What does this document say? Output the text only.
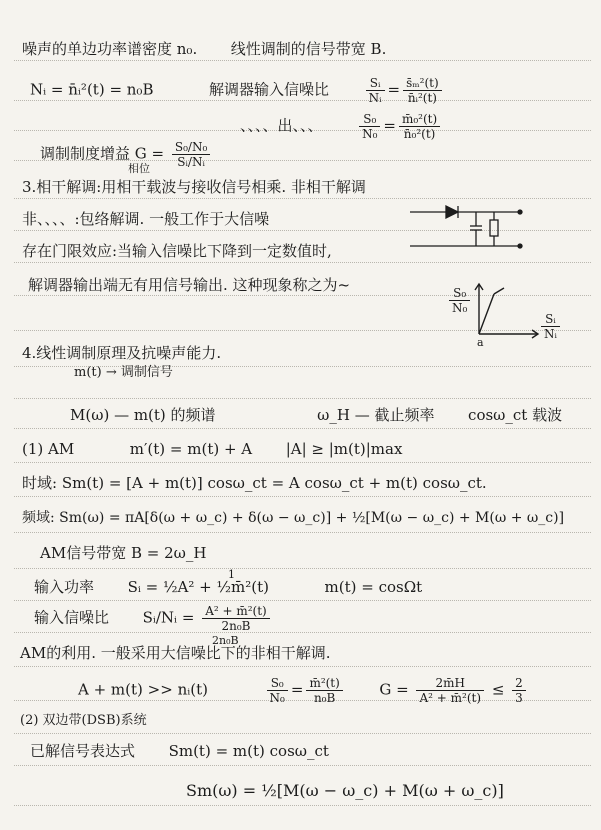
噪声的单边功率谱密度 n₀. 线性调制的信号带宽 B.
Nᵢ = n̄ᵢ²(t) = n₀B	解调器输入信噪比	$\frac{\text{Sᵢ}}{\text{Nᵢ}} = \frac{\text{s̄ₘ²(t)}}{\text{n̄ᵢ²(t)}}$
、、、、出、、、	$\frac{\text{S₀}}{\text{N₀}} = \frac{\text{m̄₀²(t)}}{\text{n̄₀²(t)}}$
调制制度增益 $G = \frac{\text{S₀/N₀}}{\text{Sᵢ/Nᵢ}}$
相位
3.相干解调:用相干载波与接收信号相乘. 非相干解调
非、、、、:包络解调. 一般工作于大信噪
存在门限效应:当输入信噪比下降到一定数值时,
解调器输出端无有用信号输出. 这种现象称之为~
$\frac{\text{S₀}}{\text{N₀}}$
a
$\frac{\text{Sᵢ}}{\text{Nᵢ}}$
4.线性调制原理及抗噪声能力.
m(t) → 调制信号
M(ω) — m(t) 的频谱	ω_H — 截止频率 cosω_ct 载波
(1) AM	m′(t) = m(t) + A |A| ≥ |m(t)|max
时域: Sm(t) = [A + m(t)] cosω_ct = A cosω_ct + m(t) cosω_ct.
频域: Sm(ω) = πA[δ(ω + ω_c) + δ(ω − ω_c)] + ½[M(ω − ω_c) + M(ω + ω_c)]
AM信号带宽 B = 2ω_H
1
输入功率 Sᵢ = ½A² + ½m̄²(t)	m(t) = cosΩt
输入信噪比 Sᵢ/Nᵢ = $\frac{\text{A² + m̄²(t)}}{\text{2n₀B}}$
2n₀B
AM的利用. 一般采用大信噪比下的非相干解调.
A + m(t) >> nᵢ(t)	$\frac{\text{S₀}}{\text{N₀}} = \frac{\text{m̄²(t)}}{\text{n₀B}}$ $G = \frac{2m̄H}{\text{A² + m̄²(t)}} \le \frac{2}{3}$
(2) 双边带(DSB)系统
已解信号表达式 Sm(t) = m(t) cosω_ct
Sm(ω) = ½[M(ω − ω_c) + M(ω + ω_c)]
